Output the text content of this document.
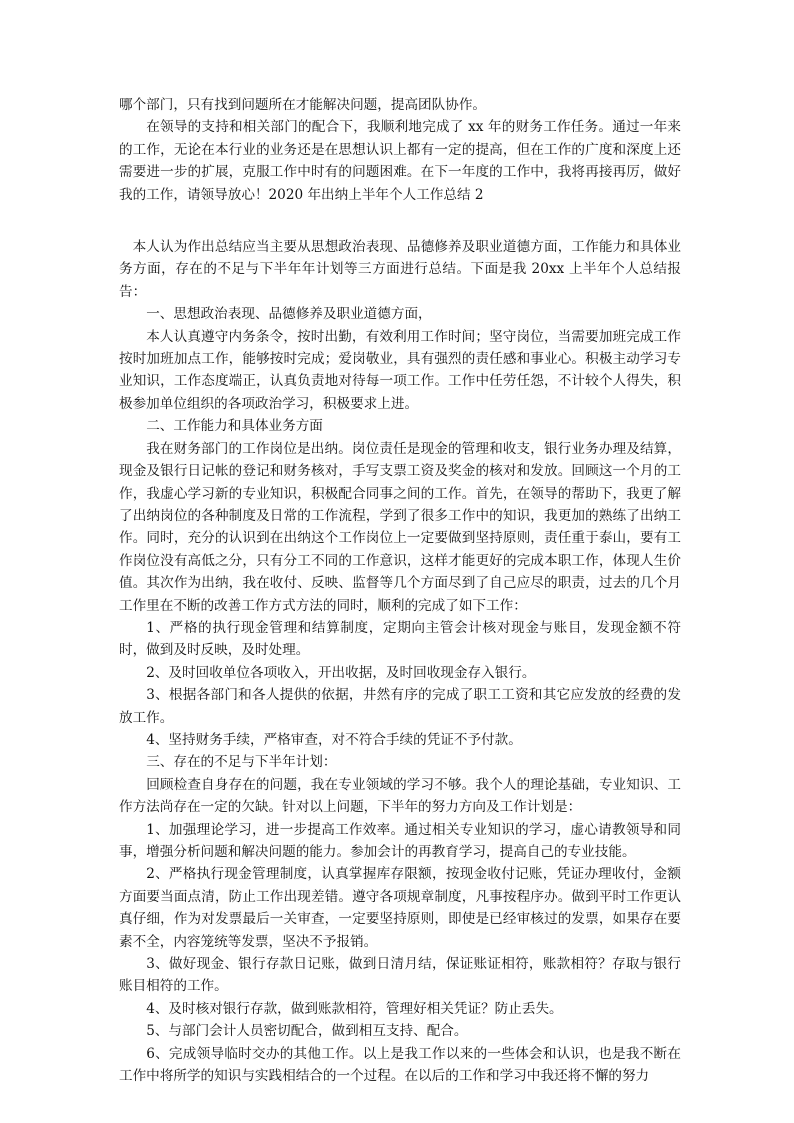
哪个部门，只有找到问题所在才能解决问题，提高团队协作。

在领导的支持和相关部门的配合下，我顺利地完成了 xx 年的财务工作任务。通过一年来的工作，无论在本行业的业务还是在思想认识上都有一定的提高，但在工作的广度和深度上还需要进一步的扩展，克服工作中时有的问题困难。在下一年度的工作中，我将再接再厉，做好我的工作，请领导放心！2020 年出纳上半年个人工作总结 2

本人认为作出总结应当主要从思想政治表现、品德修养及职业道德方面，工作能力和具体业务方面，存在的不足与下半年年计划等三方面进行总结。下面是我 20xx 上半年个人总结报告：

一、思想政治表现、品德修养及职业道德方面，

本人认真遵守内务条令，按时出勤，有效利用工作时间；坚守岗位，当需要加班完成工作按时加班加点工作，能够按时完成；爱岗敬业，具有强烈的责任感和事业心。积极主动学习专业知识，工作态度端正，认真负责地对待每一项工作。工作中任劳任怨，不计较个人得失，积极参加单位组织的各项政治学习，积极要求上进。

二、工作能力和具体业务方面

我在财务部门的工作岗位是出纳。岗位责任是现金的管理和收支，银行业务办理及结算，现金及银行日记帐的登记和财务核对，手写支票工资及奖金的核对和发放。回顾这一个月的工作，我虚心学习新的专业知识，积极配合同事之间的工作。首先，在领导的帮助下，我更了解了出纳岗位的各种制度及日常的工作流程，学到了很多工作中的知识，我更加的熟练了出纳工作。同时，充分的认识到在出纳这个工作岗位上一定要做到坚持原则，责任重于泰山，要有工作岗位没有高低之分，只有分工不同的工作意识，这样才能更好的完成本职工作，体现人生价值。其次作为出纳，我在收付、反映、监督等几个方面尽到了自己应尽的职责，过去的几个月工作里在不断的改善工作方式方法的同时，顺利的完成了如下工作：

1、严格的执行现金管理和结算制度，定期向主管会计核对现金与账目，发现金额不符时，做到及时反映，及时处理。

2、及时回收单位各项收入，开出收据，及时回收现金存入银行。

3、根据各部门和各人提供的依据，井然有序的完成了职工工资和其它应发放的经费的发放工作。

4、坚持财务手续，严格审查，对不符合手续的凭证不予付款。

三、存在的不足与下半年计划：

回顾检查自身存在的问题，我在专业领域的学习不够。我个人的理论基础，专业知识、工作方法尚存在一定的欠缺。针对以上问题，下半年的努力方向及工作计划是：

1、加强理论学习，进一步提高工作效率。通过相关专业知识的学习，虚心请教领导和同事，增强分析问题和解决问题的能力。参加会计的再教育学习，提高自己的专业技能。

2、严格执行现金管理制度，认真掌握库存限额，按现金收付记账，凭证办理收付，金额方面要当面点清，防止工作出现差错。遵守各项规章制度，凡事按程序办。做到平时工作更认真仔细，作为对发票最后一关审查，一定要坚持原则，即使是已经审核过的发票，如果存在要素不全，内容笼统等发票，坚决不予报销。

3、做好现金、银行存款日记账，做到日清月结，保证账证相符，账款相符？存取与银行账目相符的工作。

4、及时核对银行存款，做到账款相符，管理好相关凭证？防止丢失。

5、与部门会计人员密切配合，做到相互支持、配合。

6、完成领导临时交办的其他工作。以上是我工作以来的一些体会和认识，也是我不断在工作中将所学的知识与实践相结合的一个过程。在以后的工作和学习中我还将不懈的努力
